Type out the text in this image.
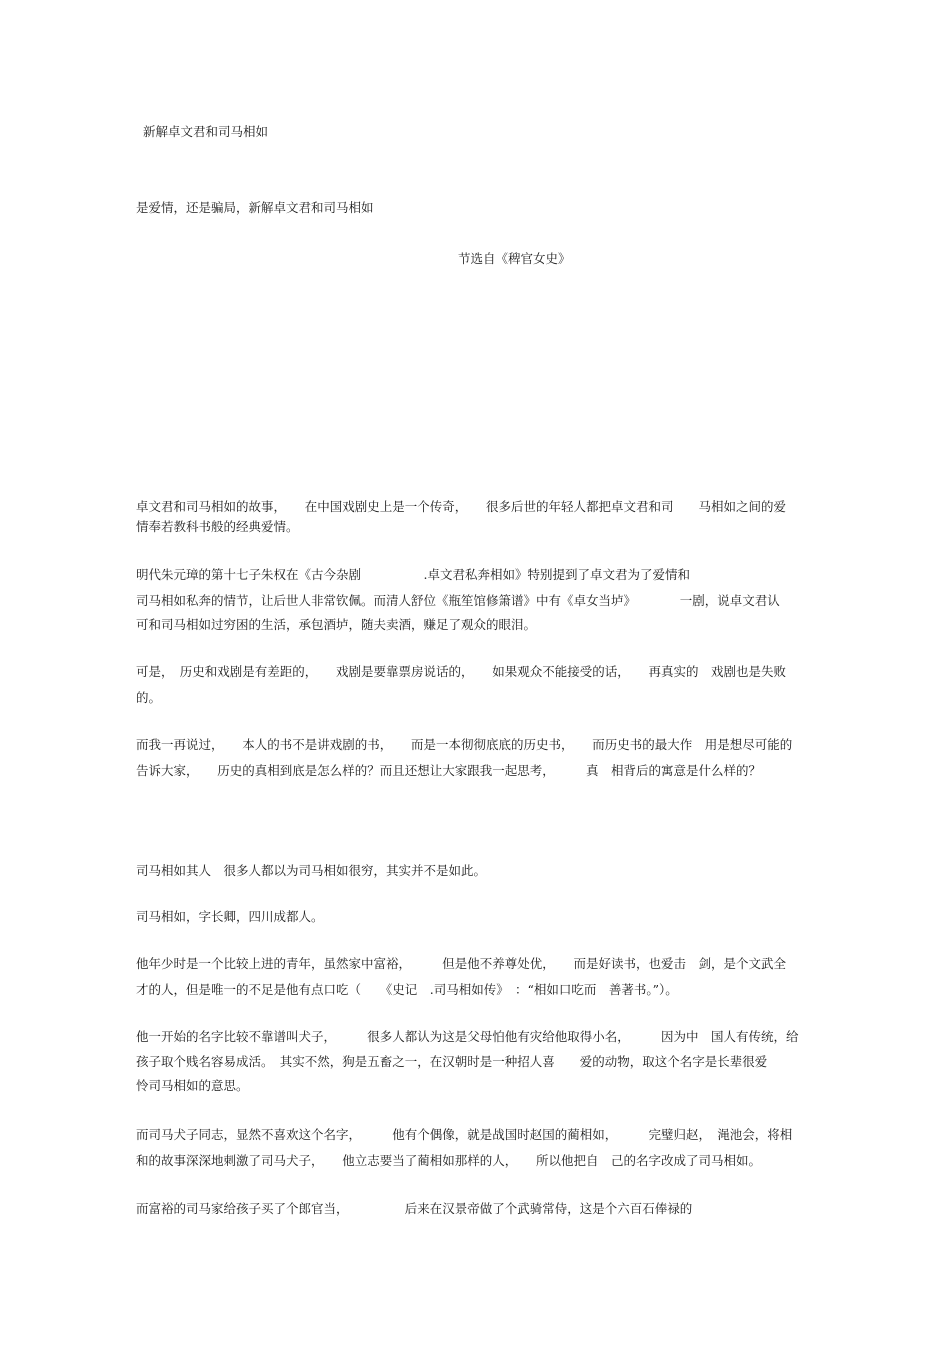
新解卓文君和司马相如
是爱情，还是骗局，新解卓文君和司马相如
节选自《稗官女史》
卓文君和司马相如的故事，　　在中国戏剧史上是一个传奇，　　很多后世的年轻人都把卓文君和司　　马相如之间的爱
情奉若教科书般的经典爱情。
明代朱元璋的第十七子朱权在《古今杂剧　　　　　.卓文君私奔相如》特别提到了卓文君为了爱情和
司马相如私奔的情节，让后世人非常钦佩。而清人舒位《瓶笙馆修箫谱》中有《卓女当垆》　　　　一剧，说卓文君认
可和司马相如过穷困的生活，承包酒垆，随夫卖酒，赚足了观众的眼泪。
可是，　历史和戏剧是有差距的，　　戏剧是要靠票房说话的，　　如果观众不能接受的话，　　再真实的　戏剧也是失败
的。
而我一再说过，　　本人的书不是讲戏剧的书，　　而是一本彻彻底底的历史书，　　而历史书的最大作　用是想尽可能的
告诉大家，　　历史的真相到底是怎么样的？而且还想让大家跟我一起思考，　　　真　相背后的寓意是什么样的？
司马相如其人　很多人都以为司马相如很穷，其实并不是如此。
司马相如，字长卿，四川成都人。
他年少时是一个比较上进的青年，虽然家中富裕，　　　但是他不养尊处优，　　而是好读书，也爱击　剑，是个文武全
才的人，但是唯一的不足是他有点口吃（　　《史记　.司马相如传》　：“相如口吃而　善著书。”）。
他一开始的名字比较不靠谱叫犬子，　　　很多人都认为这是父母怕他有灾给他取得小名，　　　因为中　国人有传统，给
孩子取个贱名容易成活。　其实不然，狗是五畜之一，在汉朝时是一种招人喜　　爱的动物，取这个名字是长辈很爱
怜司马相如的意思。
而司马犬子同志，显然不喜欢这个名字，　　　他有个偶像，就是战国时赵国的蔺相如，　　　完璧归赵，　渑池会，将相
和的故事深深地刺激了司马犬子，　　他立志要当了蔺相如那样的人，　　所以他把自　己的名字改成了司马相如。
而富裕的司马家给孩子买了个郎官当，　　　　　后来在汉景帝做了个武骑常侍，这是个六百石俸禄的
